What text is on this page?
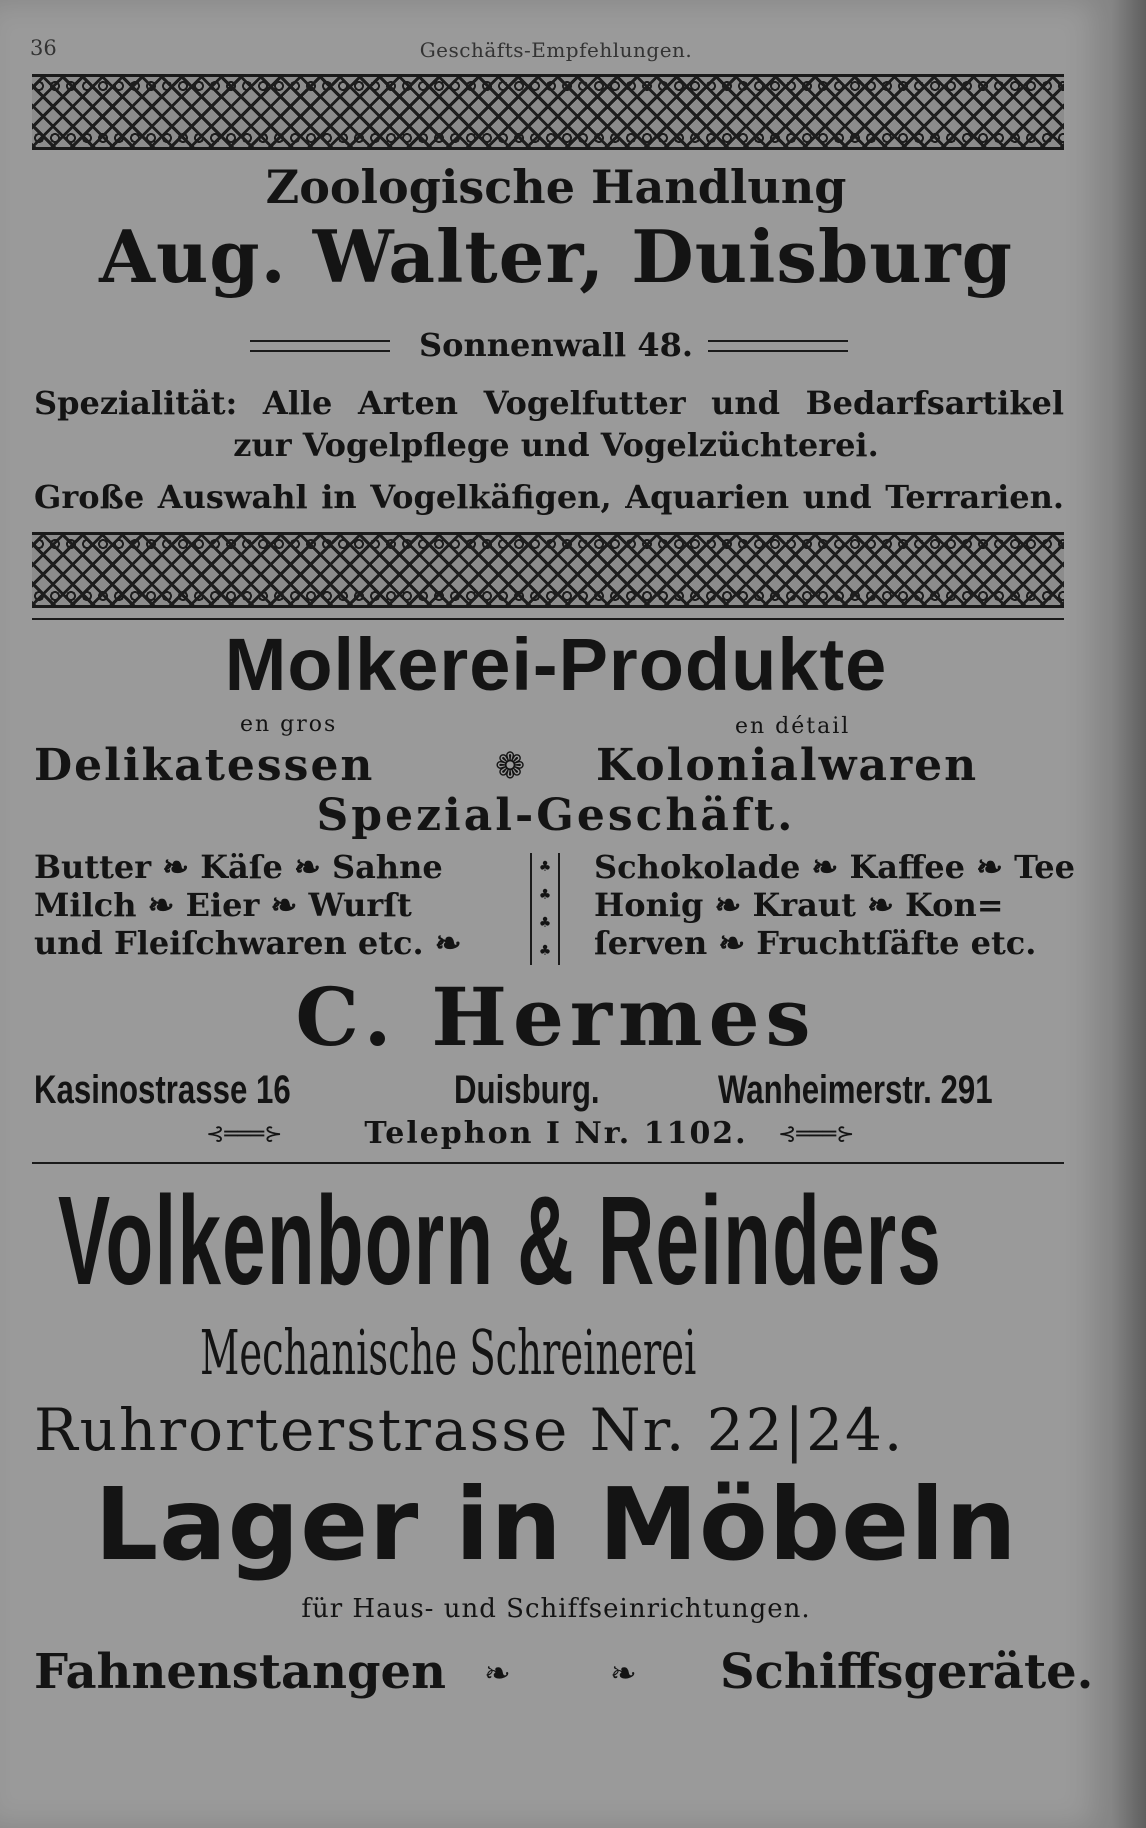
36	Geschäfts-Empfehlungen.
Zoologische Handlung
Aug. Walter, Duisburg
Sonnenwall 48.
Spezialität: Alle Arten Vogelfutter und Bedarfsartikel
zur Vogelpflege und Vogelzüchterei.
Große Auswahl in Vogelkäfigen, Aquarien und Terrarien.
Molkerei-Produkte
en gros	en détail
Delikatessen	❁ Kolonialwaren
Spezial-Geschäft.
Butter ❧ Käſe ❧ Sahne
Milch ❧ Eier ❧ Wurſt
und Fleiſchwaren etc. ❧
♣
♣
♣
♣
Schokolade ❧ Kaffee ❧ Tee
Honig ❧ Kraut ❧ Kon=
ſerven ❧ Fruchtſäfte etc.
C. Hermes
Kasinostrasse 16	Duisburg.	Wanheimerstr. 291
⊰═══⊱	Telephon I Nr. 1102.	⊰═══⊱
Volkenborn & Reinders
Mechanische Schreinerei
Ruhrorterstrasse Nr. 22|24.
Lager in Möbeln
für Haus- und Schiffseinrichtungen.
Fahnenstangen ❧	❧ Schiffsgeräte.
